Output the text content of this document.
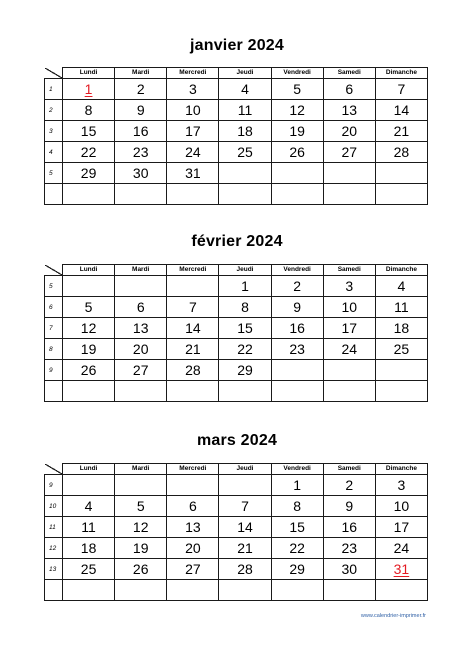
janvier 2024
	Lundi	Mardi	Mercredi	Jeudi	Vendredi	Samedi	Dimanche
1	1	2	3	4	5	6	7
2	8	9	10	11	12	13	14
3	15	16	17	18	19	20	21
4	22	23	24	25	26	27	28
5	29	30	31				

février 2024
	Lundi	Mardi	Mercredi	Jeudi	Vendredi	Samedi	Dimanche
5				1	2	3	4
6	5	6	7	8	9	10	11
7	12	13	14	15	16	17	18
8	19	20	21	22	23	24	25
9	26	27	28	29			

mars 2024
	Lundi	Mardi	Mercredi	Jeudi	Vendredi	Samedi	Dimanche
9					1	2	3
10	4	5	6	7	8	9	10
11	11	12	13	14	15	16	17
12	18	19	20	21	22	23	24
13	25	26	27	28	29	30	31

www.calendrier-imprimer.fr
